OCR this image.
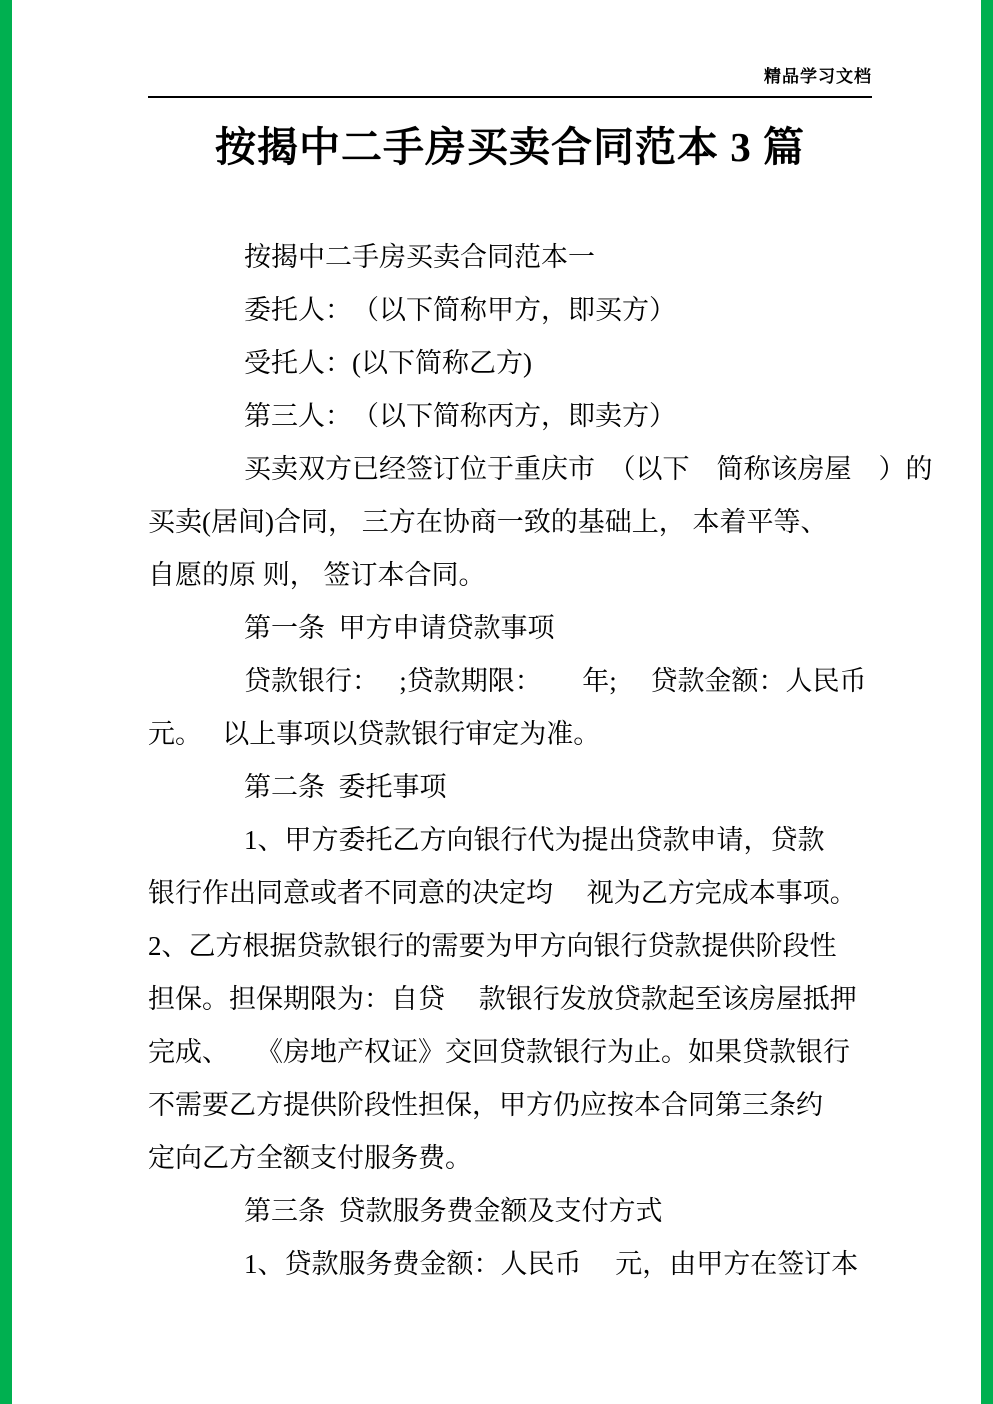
精品学习文档
按揭中二手房买卖合同范本 3 篇
按揭中二手房买卖合同范本一
委托人：　（以下简称甲方，即买方）
受托人：(以下简称乙方)
第三人：　（以下简称丙方，即卖方）
买卖双方已经签订位于重庆市　（以下　简称该房屋　）的
买卖(居间)合同， 三方在协商一致的基础上， 本着平等、
自愿的原 则， 签订本合同。
第一条  甲方申请贷款事项
贷款银行：　 ;贷款期限：　　年;　 贷款金额：人民币
元。　 以上事项以贷款银行审定为准。
第二条  委托事项
1、甲方委托乙方向银行代为提出贷款申请，贷款
银行作出同意或者不同意的决定均　 视为乙方完成本事项。
2、乙方根据贷款银行的需要为甲方向银行贷款提供阶段性
担保。担保期限为：自贷　 款银行发放贷款起至该房屋抵押
完成、　　《房地产权证》交回贷款银行为止。如果贷款银行
不需要乙方提供阶段性担保，甲方仍应按本合同第三条约
定向乙方全额支付服务费。
第三条  贷款服务费金额及支付方式
1、贷款服务费金额：人民币　 元，由甲方在签订本
